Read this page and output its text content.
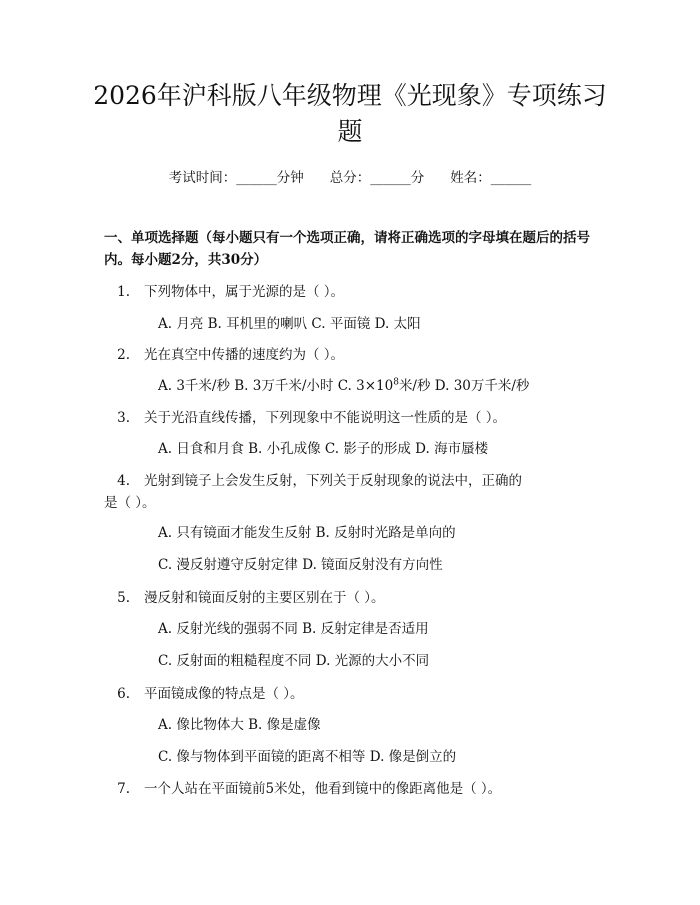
2026年沪科版八年级物理《光现象》专项练习题
考试时间：______分钟 总分：______分 姓名：______

一、单项选择题（每小题只有一个选项正确，请将正确选项的字母填在题后的括号内。每小题2分，共30分）

1. 下列物体中，属于光源的是（ ）。
A. 月亮 B. 耳机里的喇叭 C. 平面镜 D. 太阳
2. 光在真空中传播的速度约为（ ）。
A. 3千米/秒 B. 3万千米/小时 C. $3\times 10^8$米/秒 D. 30万千米/秒
3. 关于光沿直线传播，下列现象中不能说明这一性质的是（ ）。
A. 日食和月食 B. 小孔成像 C. 影子的形成 D. 海市蜃楼
4. 光射到镜子上会发生反射，下列关于反射现象的说法中，正确的是（ ）。
A. 只有镜面才能发生反射 B. 反射时光路是单向的
C. 漫反射遵守反射定律 D. 镜面反射没有方向性
5. 漫反射和镜面反射的主要区别在于（ ）。
A. 反射光线的强弱不同 B. 反射定律是否适用
C. 反射面的粗糙程度不同 D. 光源的大小不同
6. 平面镜成像的特点是（ ）。
A. 像比物体大 B. 像是虚像
C. 像与物体到平面镜的距离不相等 D. 像是倒立的
7. 一个人站在平面镜前5米处，他看到镜中的像距离他是（ ）。
